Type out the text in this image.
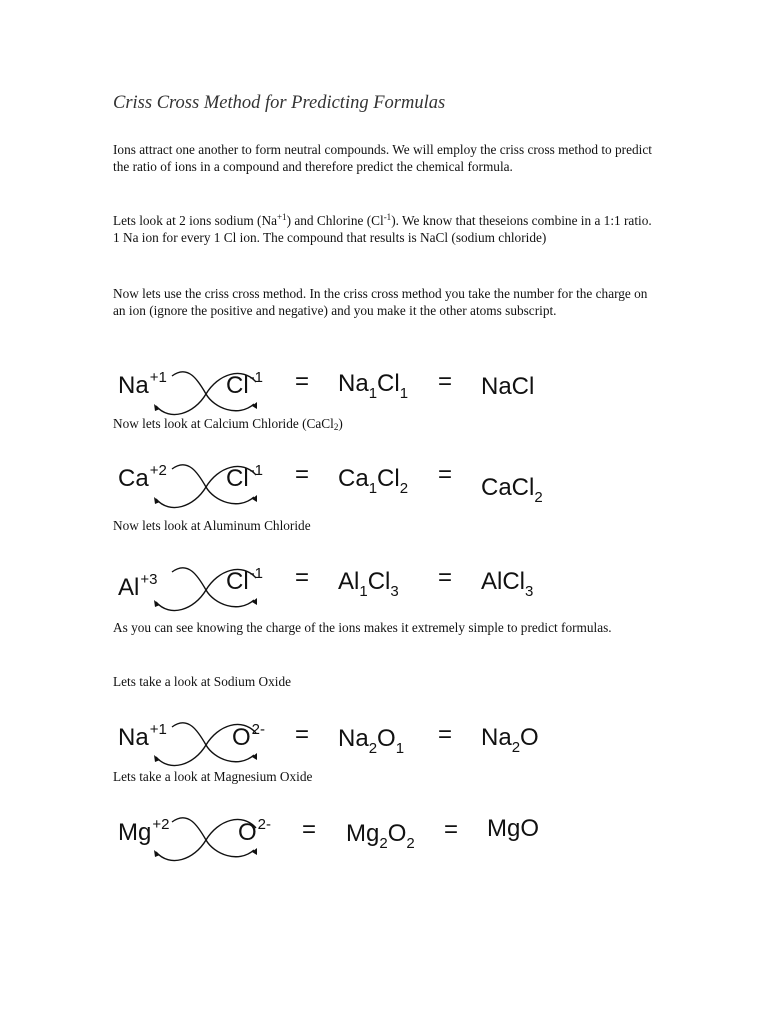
Criss Cross Method for Predicting Formulas

Ions attract one another to form neutral compounds. We will employ the criss cross method to predict the ratio of ions in a compound and therefore predict the chemical formula.

Lets look at 2 ions sodium $(Na^{+1})$ and Chlorine $(Cl^{-1})$. We know that theseions combine in a 1:1 ratio. 1 Na ion for every 1 Cl ion. The compound that results is NaCl (sodium chloride)

Now lets use the criss cross method. In the criss cross method you take the number for the charge on an ion (ignore the positive and negative) and you make it the other atoms subscript.

$Na^{+1}$ $Cl^{-1} = Na_1Cl_1$ = NaCl

Now lets look at Calcium Chloride (CaCl$_2$)

$Ca^{+2}$ $Cl^{-1} = Ca_1Cl_2$
= CaCl$_2$

Now lets look at Aluminum Chloride

$Al^{+3}$	$Cl^{-1} = Al_1Cl_3$
= AlCl$_3$

As you can see knowing the charge of the ions makes it extremely simple to predict formulas.

Lets take a look at Sodium Oxide

$Na^{+1}$	$O^{2-} = Na_2O_1$
= $Na_2O$

Lets take a look at Magnesium Oxide

$Mg^{+2}$	$O^{2-} = Mg_2O_2$
= MgO
